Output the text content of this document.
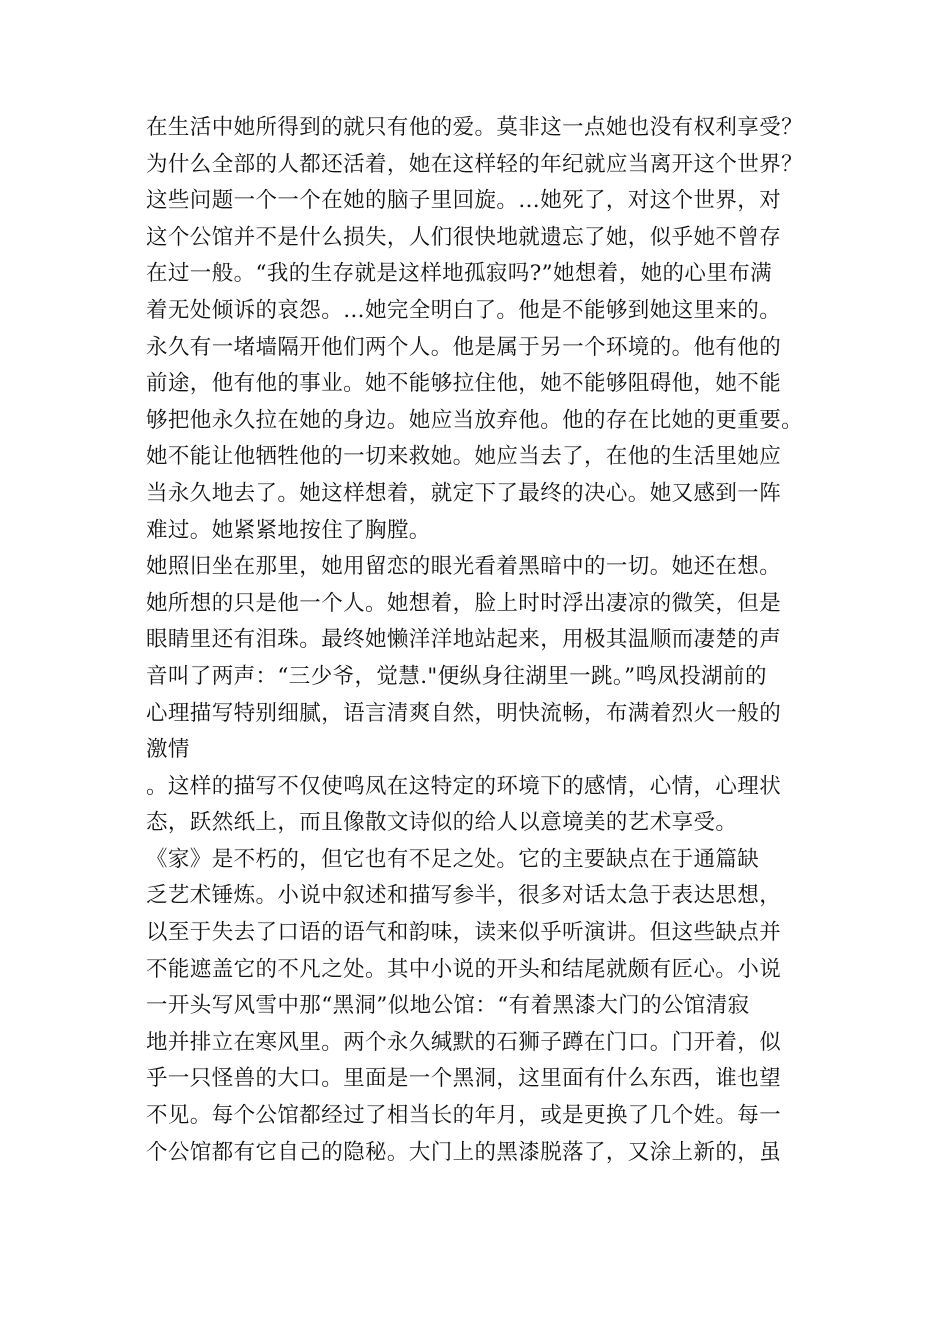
在生活中她所得到的就只有他的爱。莫非这一点她也没有权利享受？
为什么全部的人都还活着，她在这样轻的年纪就应当离开这个世界？
这些问题一个一个在她的脑子里回旋。…她死了，对这个世界，对
这个公馆并不是什么损失，人们很快地就遗忘了她，似乎她不曾存
在过一般。“我的生存就是这样地孤寂吗?”她想着，她的心里布满
着无处倾诉的哀怨。…她完全明白了。他是不能够到她这里来的。
永久有一堵墙隔开他们两个人。他是属于另一个环境的。他有他的
前途，他有他的事业。她不能够拉住他，她不能够阻碍他，她不能
够把他永久拉在她的身边。她应当放弃他。他的存在比她的更重要。
她不能让他牺牲他的一切来救她。她应当去了，在他的生活里她应
当永久地去了。她这样想着，就定下了最终的决心。她又感到一阵
难过。她紧紧地按住了胸膛。
她照旧坐在那里，她用留恋的眼光看着黑暗中的一切。她还在想。
她所想的只是他一个人。她想着，脸上时时浮出凄凉的微笑，但是
眼睛里还有泪珠。最终她懒洋洋地站起来，用极其温顺而凄楚的声
音叫了两声：“三少爷，觉慧."便纵身往湖里一跳。”鸣凤投湖前的
心理描写特别细腻，语言清爽自然，明快流畅，布满着烈火一般的
激情
。这样的描写不仅使鸣凤在这特定的环境下的感情，心情，心理状
态，跃然纸上，而且像散文诗似的给人以意境美的艺术享受。
《家》是不朽的，但它也有不足之处。它的主要缺点在于通篇缺
乏艺术锤炼。小说中叙述和描写参半，很多对话太急于表达思想，
以至于失去了口语的语气和韵味，读来似乎听演讲。但这些缺点并
不能遮盖它的不凡之处。其中小说的开头和结尾就颇有匠心。小说
一开头写风雪中那“黑洞”似地公馆：“有着黑漆大门的公馆清寂
地并排立在寒风里。两个永久缄默的石狮子蹲在门口。门开着，似
乎一只怪兽的大口。里面是一个黑洞，这里面有什么东西，谁也望
不见。每个公馆都经过了相当长的年月，或是更换了几个姓。每一
个公馆都有它自己的隐秘。大门上的黑漆脱落了，又涂上新的，虽
